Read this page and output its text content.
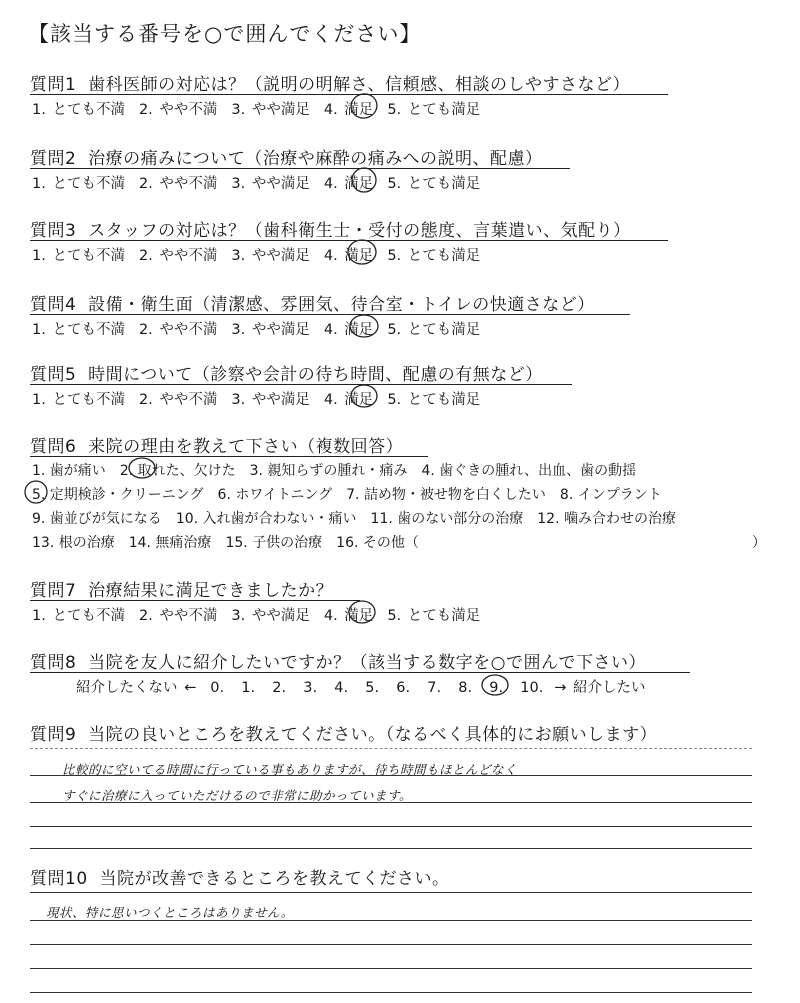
【該当する番号を○で囲んでください】
質問1 歯科医師の対応は？（説明の明解さ、信頼感、相談のしやすさなど）
1. とても不満 2. やや不満 3. やや満足 4. 満足 5. とても満足
質問2 治療の痛みについて（治療や麻酔の痛みへの説明、配慮）
1. とても不満 2. やや不満 3. やや満足 4. 満足 5. とても満足
質問3 スタッフの対応は？（歯科衛生士・受付の態度、言葉遣い、気配り）
1. とても不満 2. やや不満 3. やや満足 4. 満足 5. とても満足
質問4 設備・衛生面（清潔感、雰囲気、待合室・トイレの快適さなど）
1. とても不満 2. やや不満 3. やや満足 4. 満足 5. とても満足
質問5 時間について（診察や会計の待ち時間、配慮の有無など）
1. とても不満 2. やや不満 3. やや満足 4. 満足 5. とても満足
質問6 来院の理由を教えて下さい（複数回答）
1. 歯が痛い 2. 取れた、欠けた 3. 親知らずの腫れ・痛み 4. 歯ぐきの腫れ、出血、歯の動揺
5. 定期検診・クリーニング 6. ホワイトニング 7. 詰め物・被せ物を白くしたい 8. インプラント
9. 歯並びが気になる 10. 入れ歯が合わない・痛い 11. 歯のない部分の治療 12. 噛み合わせの治療
13. 根の治療 14. 無痛治療 15. 子供の治療 16. その他（	）
質問7 治療結果に満足できましたか？
1. とても不満 2. やや不満 3. やや満足 4. 満足 5. とても満足
質問8 当院を友人に紹介したいですか？（該当する数字を○で囲んで下さい）
紹介したくない ← 0. 1. 2. 3. 4. 5. 6. 7. 8. 9. 10. → 紹介したい
質問9 当院の良いところを教えてください。（なるべく具体的にお願いします）
比較的に空いてる時間に行っている事もありますが、待ち時間もほとんどなく
すぐに治療に入っていただけるので非常に助かっています。
質問10 当院が改善できるところを教えてください。
現状、特に思いつくところはありません。
